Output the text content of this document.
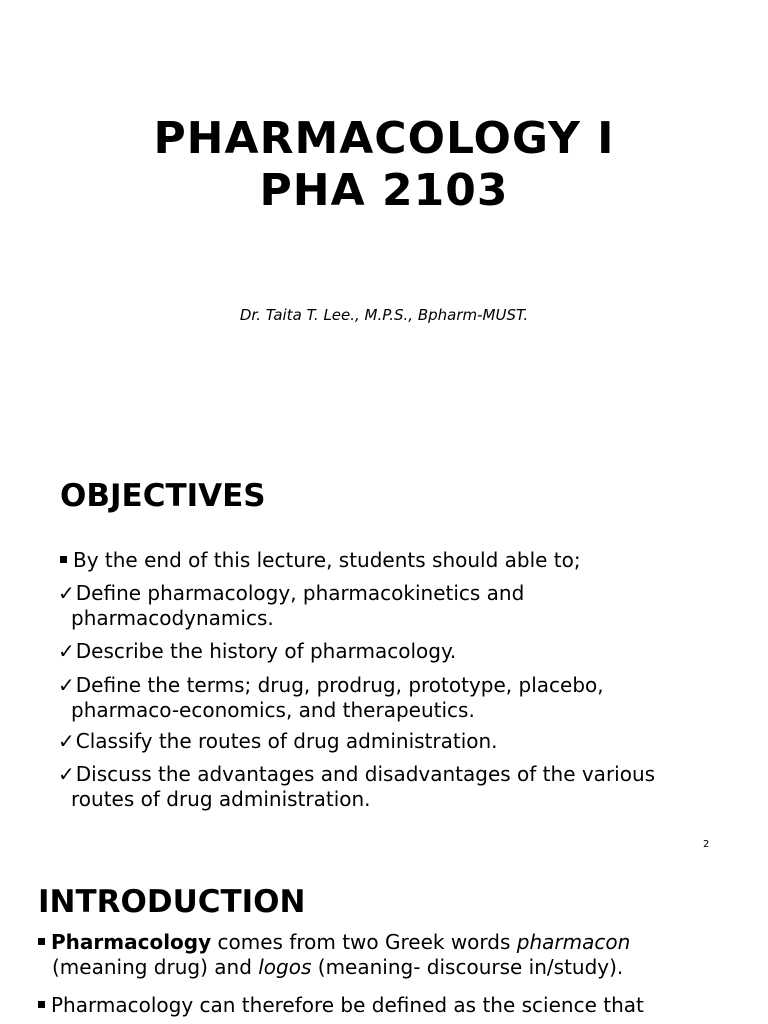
PHARMACOLOGY I
PHA 2103
Dr. Taita T. Lee., M.P.S., Bpharm-MUST.
OBJECTIVES
By the end of this lecture, students should able to;
✓Define pharmacology, pharmacokinetics and
pharmacodynamics.
✓Describe the history of pharmacology.
✓Define the terms; drug, prodrug, prototype, placebo,
pharmaco-economics, and therapeutics.
✓Classify the routes of drug administration.
✓Discuss the advantages and disadvantages of the various
routes of drug administration.
2
INTRODUCTION
Pharmacology comes from two Greek words pharmacon
(meaning drug) and logos (meaning- discourse in/study).
Pharmacology can therefore be defined as the science that
